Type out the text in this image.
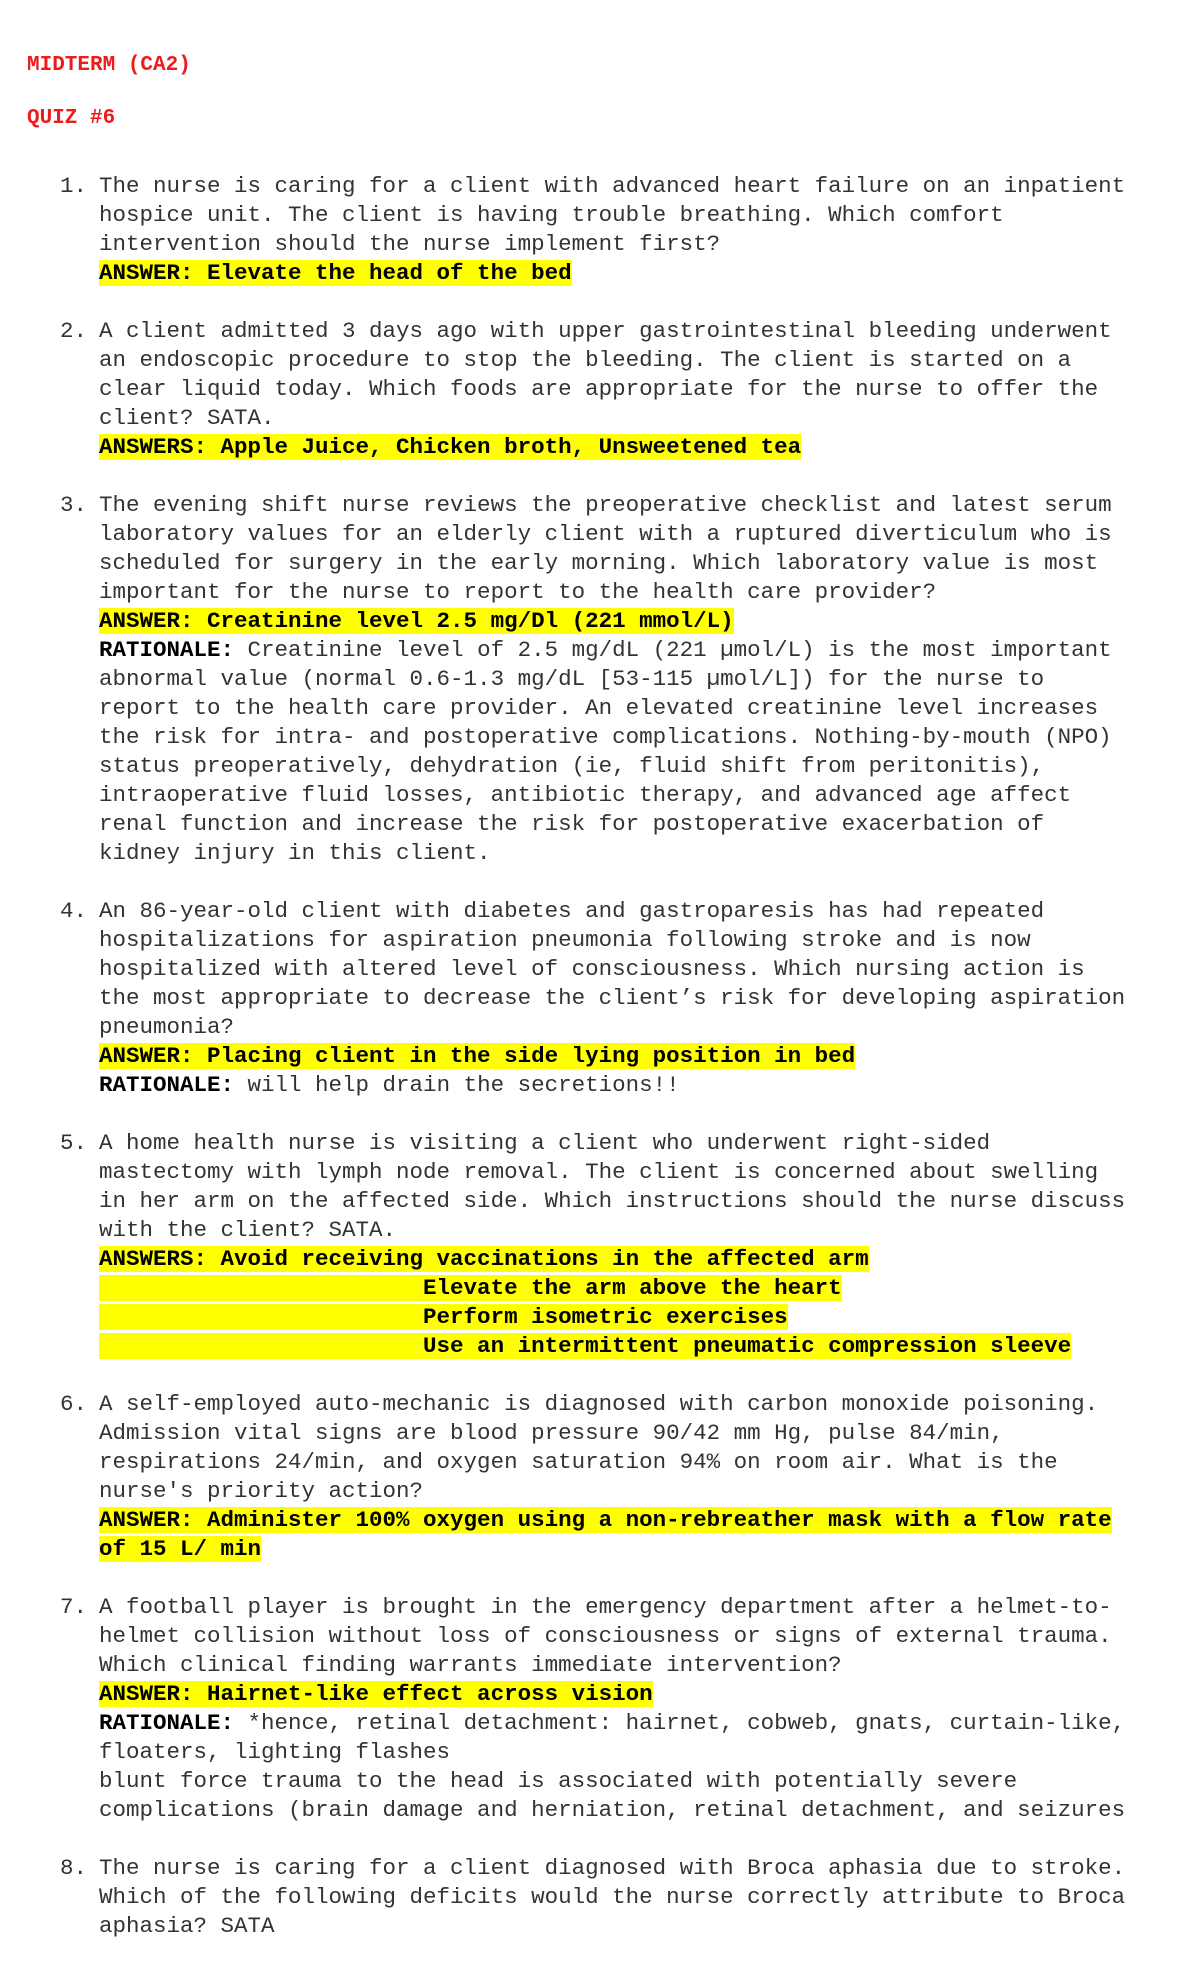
MIDTERM (CA2)

QUIZ #6

1. The nurse is caring for a client with advanced heart failure on an inpatient
hospice unit. The client is having trouble breathing. Which comfort
intervention should the nurse implement first?
ANSWER: Elevate the head of the bed
2. A client admitted 3 days ago with upper gastrointestinal bleeding underwent
an endoscopic procedure to stop the bleeding. The client is started on a
clear liquid today. Which foods are appropriate for the nurse to offer the
client? SATA.
ANSWERS: Apple Juice, Chicken broth, Unsweetened tea
3. The evening shift nurse reviews the preoperative checklist and latest serum
laboratory values for an elderly client with a ruptured diverticulum who is
scheduled for surgery in the early morning. Which laboratory value is most
important for the nurse to report to the health care provider?
ANSWER: Creatinine level 2.5 mg/Dl (221 mmol/L)
RATIONALE: Creatinine level of 2.5 mg/dL (221 µmol/L) is the most important
abnormal value (normal 0.6-1.3 mg/dL [53-115 µmol/L]) for the nurse to
report to the health care provider. An elevated creatinine level increases
the risk for intra- and postoperative complications. Nothing-by-mouth (NPO)
status preoperatively, dehydration (ie, fluid shift from peritonitis),
intraoperative fluid losses, antibiotic therapy, and advanced age affect
renal function and increase the risk for postoperative exacerbation of
kidney injury in this client.
4. An 86-year-old client with diabetes and gastroparesis has had repeated
hospitalizations for aspiration pneumonia following stroke and is now
hospitalized with altered level of consciousness. Which nursing action is
the most appropriate to decrease the client’s risk for developing aspiration
pneumonia?
ANSWER: Placing client in the side lying position in bed
RATIONALE: will help drain the secretions!!
5. A home health nurse is visiting a client who underwent right-sided
mastectomy with lymph node removal. The client is concerned about swelling
in her arm on the affected side. Which instructions should the nurse discuss
with the client? SATA.
ANSWERS: Avoid receiving vaccinations in the affected arm
Elevate the arm above the heart
Perform isometric exercises
Use an intermittent pneumatic compression sleeve
6. A self-employed auto-mechanic is diagnosed with carbon monoxide poisoning.
Admission vital signs are blood pressure 90/42 mm Hg, pulse 84/min,
respirations 24/min, and oxygen saturation 94% on room air. What is the
nurse's priority action?
ANSWER: Administer 100% oxygen using a non-rebreather mask with a flow rate
of 15 L/ min
7. A football player is brought in the emergency department after a helmet-to-
helmet collision without loss of consciousness or signs of external trauma.
Which clinical finding warrants immediate intervention?
ANSWER: Hairnet-like effect across vision
RATIONALE: *hence, retinal detachment: hairnet, cobweb, gnats, curtain-like,
floaters, lighting flashes
blunt force trauma to the head is associated with potentially severe
complications (brain damage and herniation, retinal detachment, and seizures
8. The nurse is caring for a client diagnosed with Broca aphasia due to stroke.
Which of the following deficits would the nurse correctly attribute to Broca
aphasia? SATA
